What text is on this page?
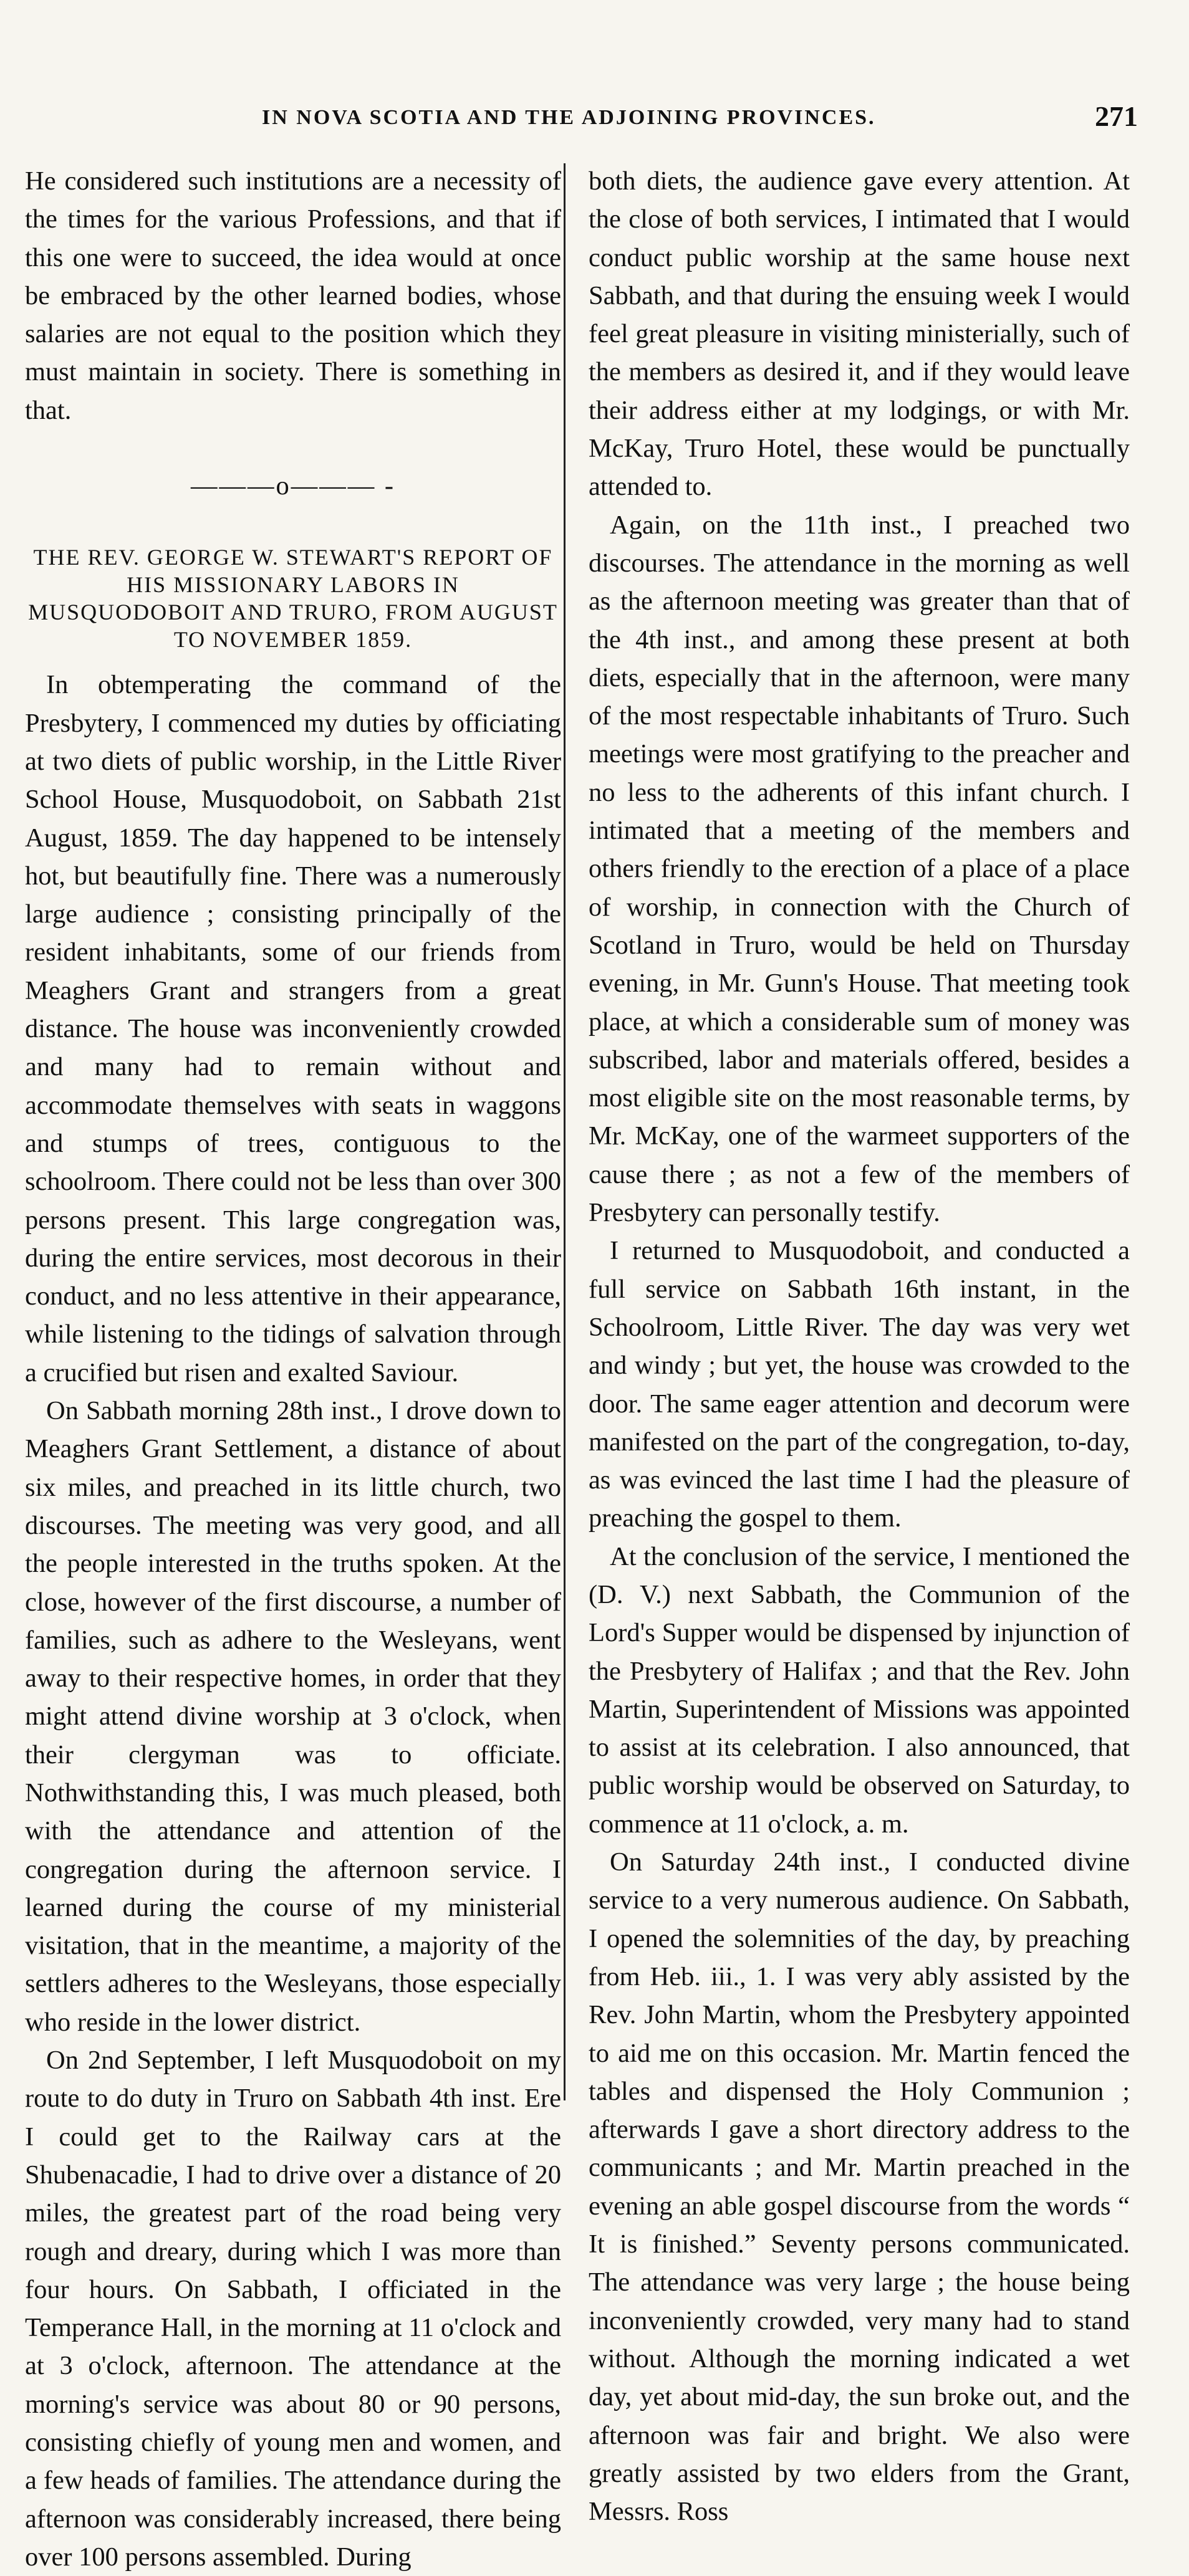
IN NOVA SCOTIA AND THE ADJOINING PROVINCES.	271

He considered such institutions are a necessity of the times for the various Professions, and that if this one were to succeed, the idea would at once be embraced by the other learned bodies, whose salaries are not equal to the position which they must maintain in society. There is something in that.

———o——— -
THE REV. GEORGE W. STEWART'S REPORT OF HIS MISSIONARY LABORS IN MUSQUODOBOIT AND TRURO, FROM AUGUST TO NOVEMBER 1859.

In obtemperating the command of the Presbytery, I commenced my duties by officiating at two diets of public worship, in the Little River School House, Musquodoboit, on Sabbath 21st August, 1859. The day happened to be intensely hot, but beautifully fine. There was a numerously large audience ; consisting principally of the resident inhabitants, some of our friends from Meaghers Grant and strangers from a great distance. The house was inconveniently crowded and many had to remain without and accommodate themselves with seats in waggons and stumps of trees, contiguous to the schoolroom. There could not be less than over 300 persons present. This large congregation was, during the entire services, most decorous in their conduct, and no less attentive in their appearance, while listening to the tidings of salvation through a crucified but risen and exalted Saviour.

On Sabbath morning 28th inst., I drove down to Meaghers Grant Settlement, a distance of about six miles, and preached in its little church, two discourses. The meeting was very good, and all the people interested in the truths spoken. At the close, however of the first discourse, a number of families, such as adhere to the Wesleyans, went away to their respective homes, in order that they might attend divine worship at 3 o'clock, when their clergyman was to officiate. Nothwithstanding this, I was much pleased, both with the attendance and attention of the congregation during the afternoon service. I learned during the course of my ministerial visitation, that in the meantime, a majority of the settlers adheres to the Wesleyans, those especially who reside in the lower district.

On 2nd September, I left Musquodoboit on my route to do duty in Truro on Sabbath 4th inst. Ere I could get to the Railway cars at the Shubenacadie, I had to drive over a distance of 20 miles, the greatest part of the road being very rough and dreary, during which I was more than four hours. On Sabbath, I officiated in the Temperance Hall, in the morning at 11 o'clock and at 3 o'clock, afternoon. The attendance at the morning's service was about 80 or 90 persons, consisting chiefly of young men and women, and a few heads of families. The attendance during the afternoon was considerably increased, there being over 100 persons assembled. During

both diets, the audience gave every attention. At the close of both services, I intimated that I would conduct public worship at the same house next Sabbath, and that during the ensuing week I would feel great pleasure in visiting ministerially, such of the members as desired it, and if they would leave their address either at my lodgings, or with Mr. McKay, Truro Hotel, these would be punctually attended to.

Again, on the 11th inst., I preached two discourses. The attendance in the morning as well as the afternoon meeting was greater than that of the 4th inst., and among these present at both diets, especially that in the afternoon, were many of the most respectable inhabitants of Truro. Such meetings were most gratifying to the preacher and no less to the adherents of this infant church. I intimated that a meeting of the members and others friendly to the erection of a place of a place of worship, in connection with the Church of Scotland in Truro, would be held on Thursday evening, in Mr. Gunn's House. That meeting took place, at which a considerable sum of money was subscribed, labor and materials offered, besides a most eligible site on the most reasonable terms, by Mr. McKay, one of the warmeet supporters of the cause there ; as not a few of the members of Presbytery can personally testify.

I returned to Musquodoboit, and conducted a full service on Sabbath 16th instant, in the Schoolroom, Little River. The day was very wet and windy ; but yet, the house was crowded to the door. The same eager attention and decorum were manifested on the part of the congregation, to-day, as was evinced the last time I had the pleasure of preaching the gospel to them.

At the conclusion of the service, I mentioned the (D. V.) next Sabbath, the Communion of the Lord's Supper would be dispensed by injunction of the Presbytery of Halifax ; and that the Rev. John Martin, Superintendent of Missions was appointed to assist at its celebration. I also announced, that public worship would be observed on Saturday, to commence at 11 o'clock, a. m.

On Saturday 24th inst., I conducted divine service to a very numerous audience. On Sabbath, I opened the solemnities of the day, by preaching from Heb. iii., 1. I was very ably assisted by the Rev. John Martin, whom the Presbytery appointed to aid me on this occasion. Mr. Martin fenced the tables and dispensed the Holy Communion ; afterwards I gave a short directory address to the communicants ; and Mr. Martin preached in the evening an able gospel discourse from the words “ It is finished.” Seventy persons communicated. The attendance was very large ; the house being inconveniently crowded, very many had to stand without. Although the morning indicated a wet day, yet about mid-day, the sun broke out, and the afternoon was fair and bright. We also were greatly assisted by two elders from the Grant, Messrs. Ross
